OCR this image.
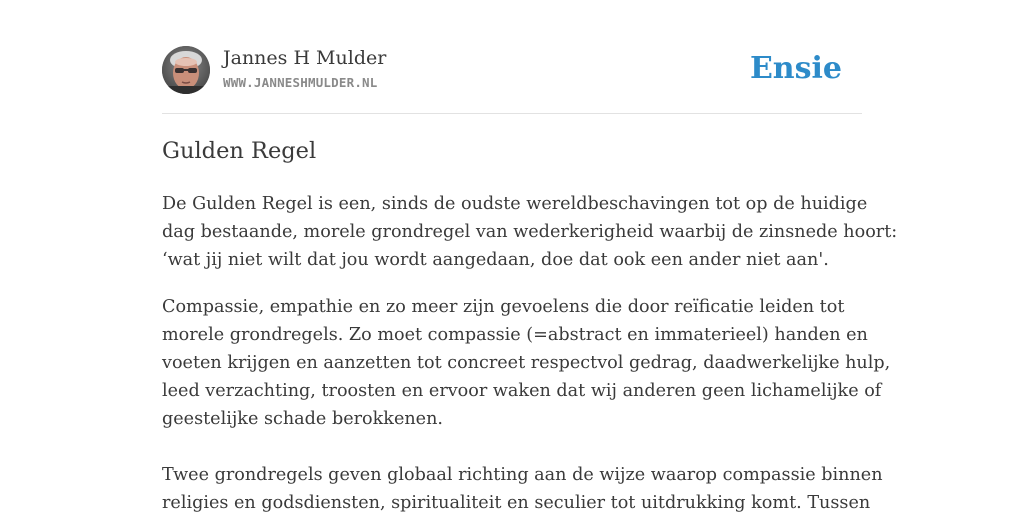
Jannes H Mulder
WWW.JANNESHMULDER.NL	Ensie
Gulden Regel

De Gulden Regel is een, sinds de oudste wereldbeschavingen tot op de huidige
dag bestaande, morele grondregel van wederkerigheid waarbij de zinsnede hoort:
‘wat jij niet wilt dat jou wordt aangedaan, doe dat ook een ander niet aan'.

Compassie, empathie en zo meer zijn gevoelens die door reïficatie leiden tot
morele grondregels. Zo moet compassie (=abstract en immaterieel) handen en
voeten krijgen en aanzetten tot concreet respectvol gedrag, daadwerkelijke hulp,
leed verzachting, troosten en ervoor waken dat wij anderen geen lichamelijke of
geestelijke schade berokkenen.

Twee grondregels geven globaal richting aan de wijze waarop compassie binnen
religies en godsdiensten, spiritualiteit en seculier tot uitdrukking komt. Tussen
